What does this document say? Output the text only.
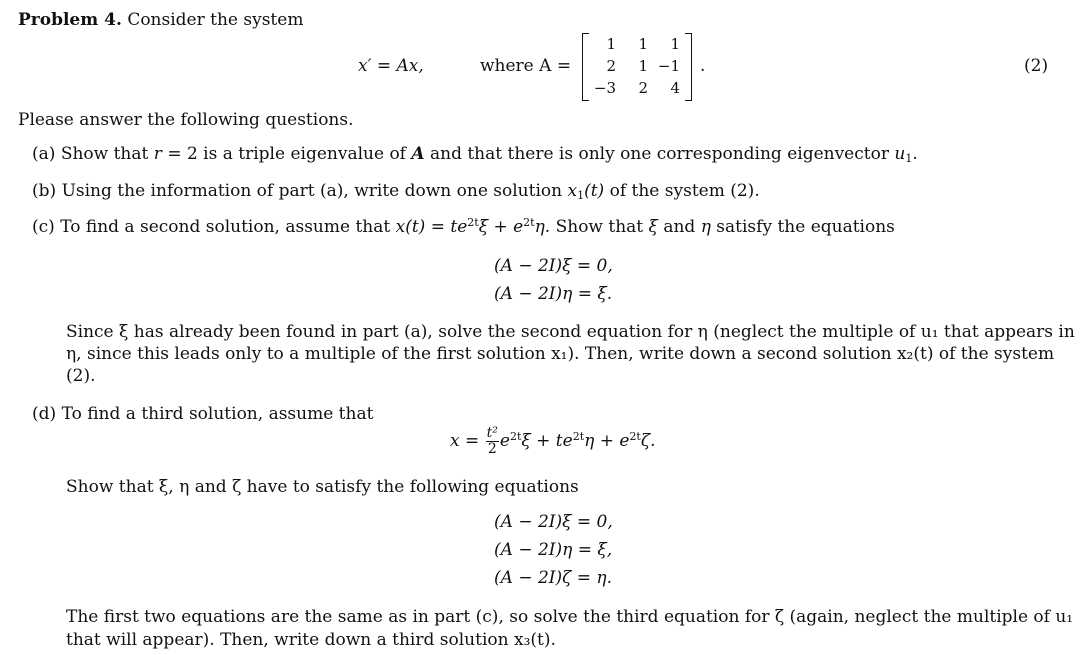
Problem 4. Consider the system
x′ = Ax,	where A =
1	1	1
2	1	−1
−3	2	4
.	(2)
Please answer the following questions.
(a) Show that r = 2 is a triple eigenvalue of A and that there is only one corresponding eigenvector $u_1$.
(b) Using the information of part (a), write down one solution $x_1(t)$ of the system (2).
(c) To find a second solution, assume that $x(t) = te^{2t}\xi + e^{2t}\eta$. Show that ξ and η satisfy the equations
(A − 2I)ξ = 0,
(A − 2I)η = ξ.
Since ξ has already been found in part (a), solve the second equation for η (neglect the multiple of u₁ that appears in
η, since this leads only to a multiple of the first solution x₁). Then, write down a second solution x₂(t) of the system
(2).
(d) To find a third solution, assume that
$x = \frac{\text{t²}}{2} e^{2t}\xi + te^{2t}\eta + e^{2t}\zeta$.
Show that ξ, η and ζ have to satisfy the following equations
(A − 2I)ξ = 0,
(A − 2I)η = ξ,
(A − 2I)ζ = η.
The first two equations are the same as in part (c), so solve the third equation for ζ (again, neglect the multiple of u₁
that will appear). Then, write down a third solution x₃(t).
